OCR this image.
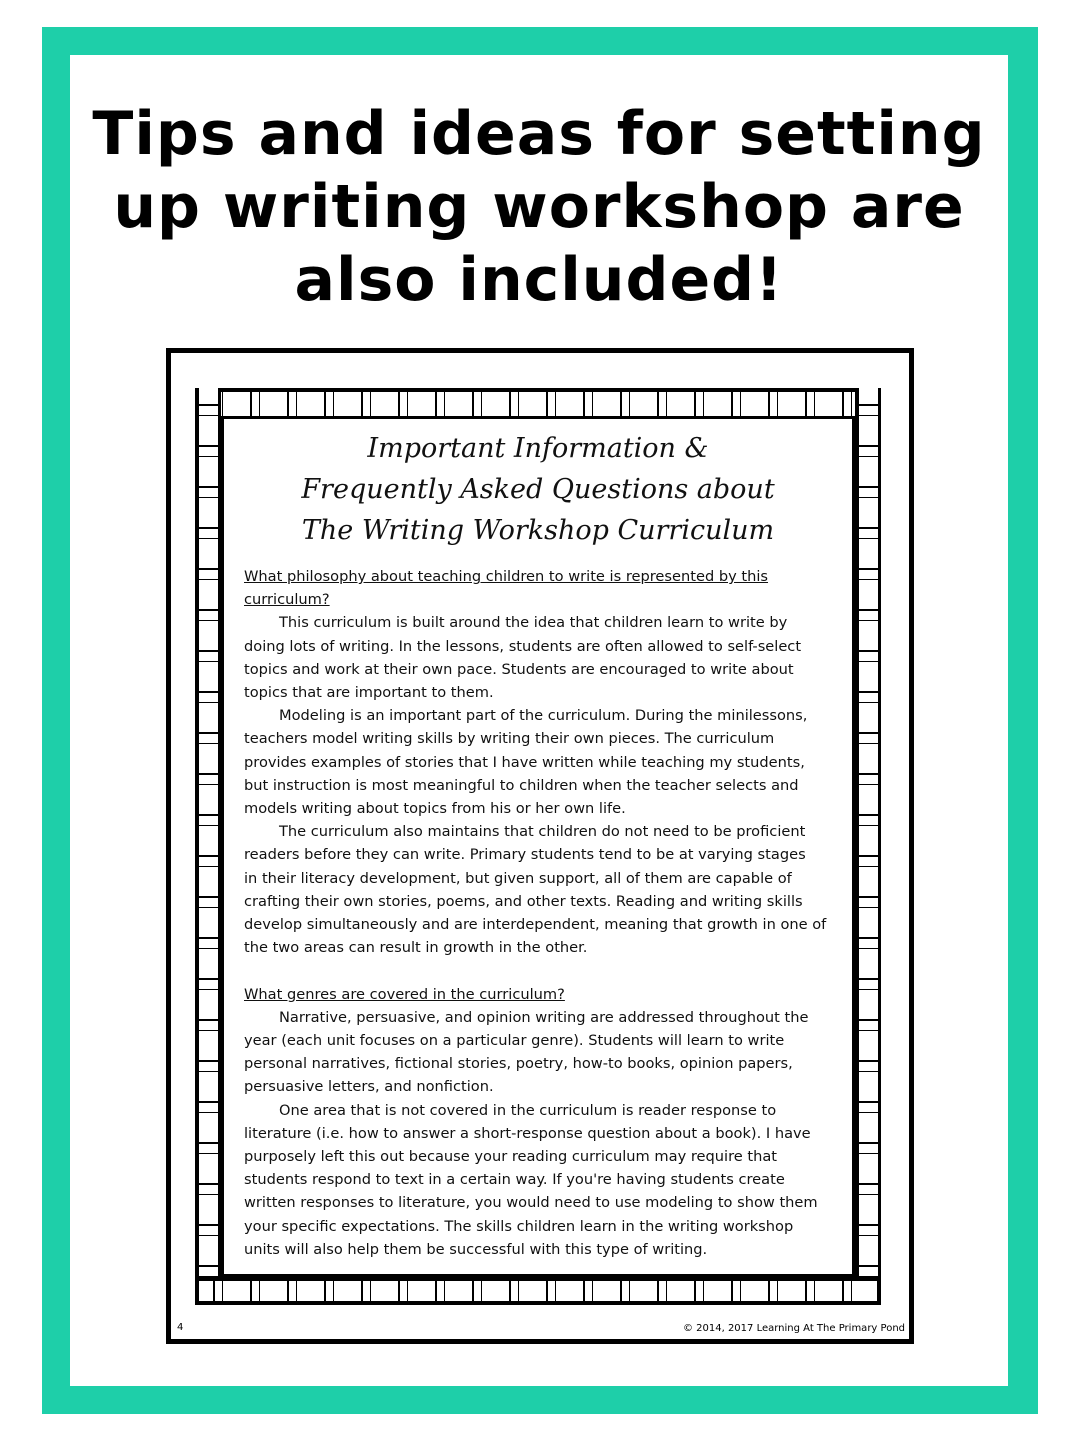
Tips and ideas for setting
up writing workshop are
also included!
Important Information &
Frequently Asked Questions about
The Writing Workshop Curriculum
What philosophy about teaching children to write is represented by this
curriculum?
This curriculum is built around the idea that children learn to write by
doing lots of writing. In the lessons, students are often allowed to self-select
topics and work at their own pace. Students are encouraged to write about
topics that are important to them.
Modeling is an important part of the curriculum. During the minilessons,
teachers model writing skills by writing their own pieces. The curriculum
provides examples of stories that I have written while teaching my students,
but instruction is most meaningful to children when the teacher selects and
models writing about topics from his or her own life.
The curriculum also maintains that children do not need to be proficient
readers before they can write. Primary students tend to be at varying stages
in their literacy development, but given support, all of them are capable of
crafting their own stories, poems, and other texts. Reading and writing skills
develop simultaneously and are interdependent, meaning that growth in one of
the two areas can result in growth in the other.
What genres are covered in the curriculum?
Narrative, persuasive, and opinion writing are addressed throughout the
year (each unit focuses on a particular genre). Students will learn to write
personal narratives, fictional stories, poetry, how-to books, opinion papers,
persuasive letters, and nonfiction.
One area that is not covered in the curriculum is reader response to
literature (i.e. how to answer a short-response question about a book). I have
purposely left this out because your reading curriculum may require that
students respond to text in a certain way. If you're having students create
written responses to literature, you would need to use modeling to show them
your specific expectations. The skills children learn in the writing workshop
units will also help them be successful with this type of writing.
4	© 2014, 2017 Learning At The Primary Pond
